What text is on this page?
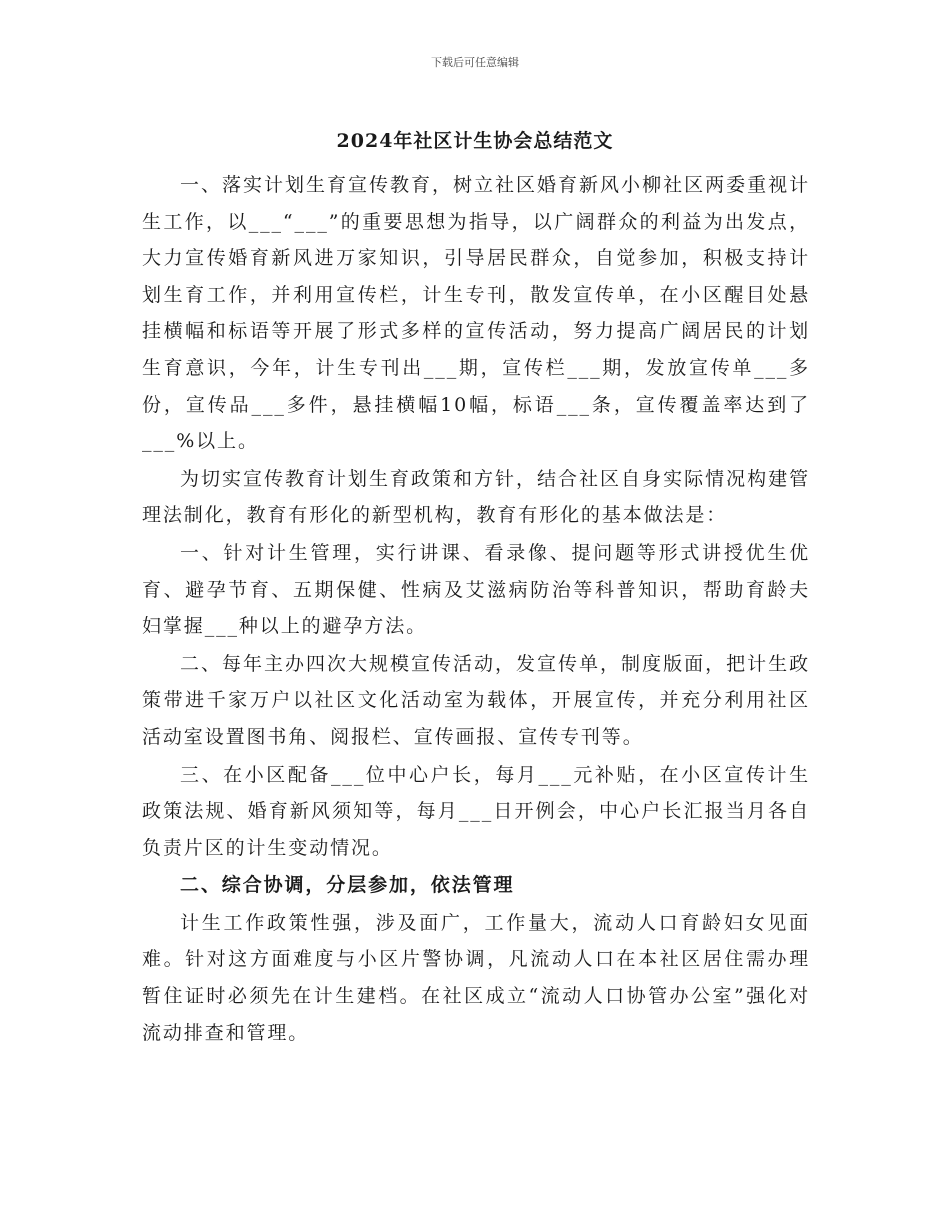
下载后可任意编辑
2024年社区计生协会总结范文

一、落实计划生育宣传教育，树立社区婚育新风小柳社区两委重视计生工作，以___“___”的重要思想为指导，以广阔群众的利益为出发点，大力宣传婚育新风进万家知识，引导居民群众，自觉参加，积极支持计划生育工作，并利用宣传栏，计生专刊，散发宣传单，在小区醒目处悬挂横幅和标语等开展了形式多样的宣传活动，努力提高广阔居民的计划生育意识，今年，计生专刊出___期，宣传栏___期，发放宣传单___多份，宣传品___多件，悬挂横幅10幅，标语___条，宣传覆盖率达到了___%以上。

为切实宣传教育计划生育政策和方针，结合社区自身实际情况构建管理法制化，教育有形化的新型机构，教育有形化的基本做法是：

一、针对计生管理，实行讲课、看录像、提问题等形式讲授优生优育、避孕节育、五期保健、性病及艾滋病防治等科普知识，帮助育龄夫妇掌握___种以上的避孕方法。

二、每年主办四次大规模宣传活动，发宣传单，制度版面，把计生政策带进千家万户以社区文化活动室为载体，开展宣传，并充分利用社区活动室设置图书角、阅报栏、宣传画报、宣传专刊等。

三、在小区配备___位中心户长，每月___元补贴，在小区宣传计生政策法规、婚育新风须知等，每月___日开例会，中心户长汇报当月各自负责片区的计生变动情况。

二、综合协调，分层参加，依法管理

计生工作政策性强，涉及面广，工作量大，流动人口育龄妇女见面难。针对这方面难度与小区片警协调，凡流动人口在本社区居住需办理暂住证时必须先在计生建档。在社区成立“流动人口协管办公室”强化对流动排查和管理。
